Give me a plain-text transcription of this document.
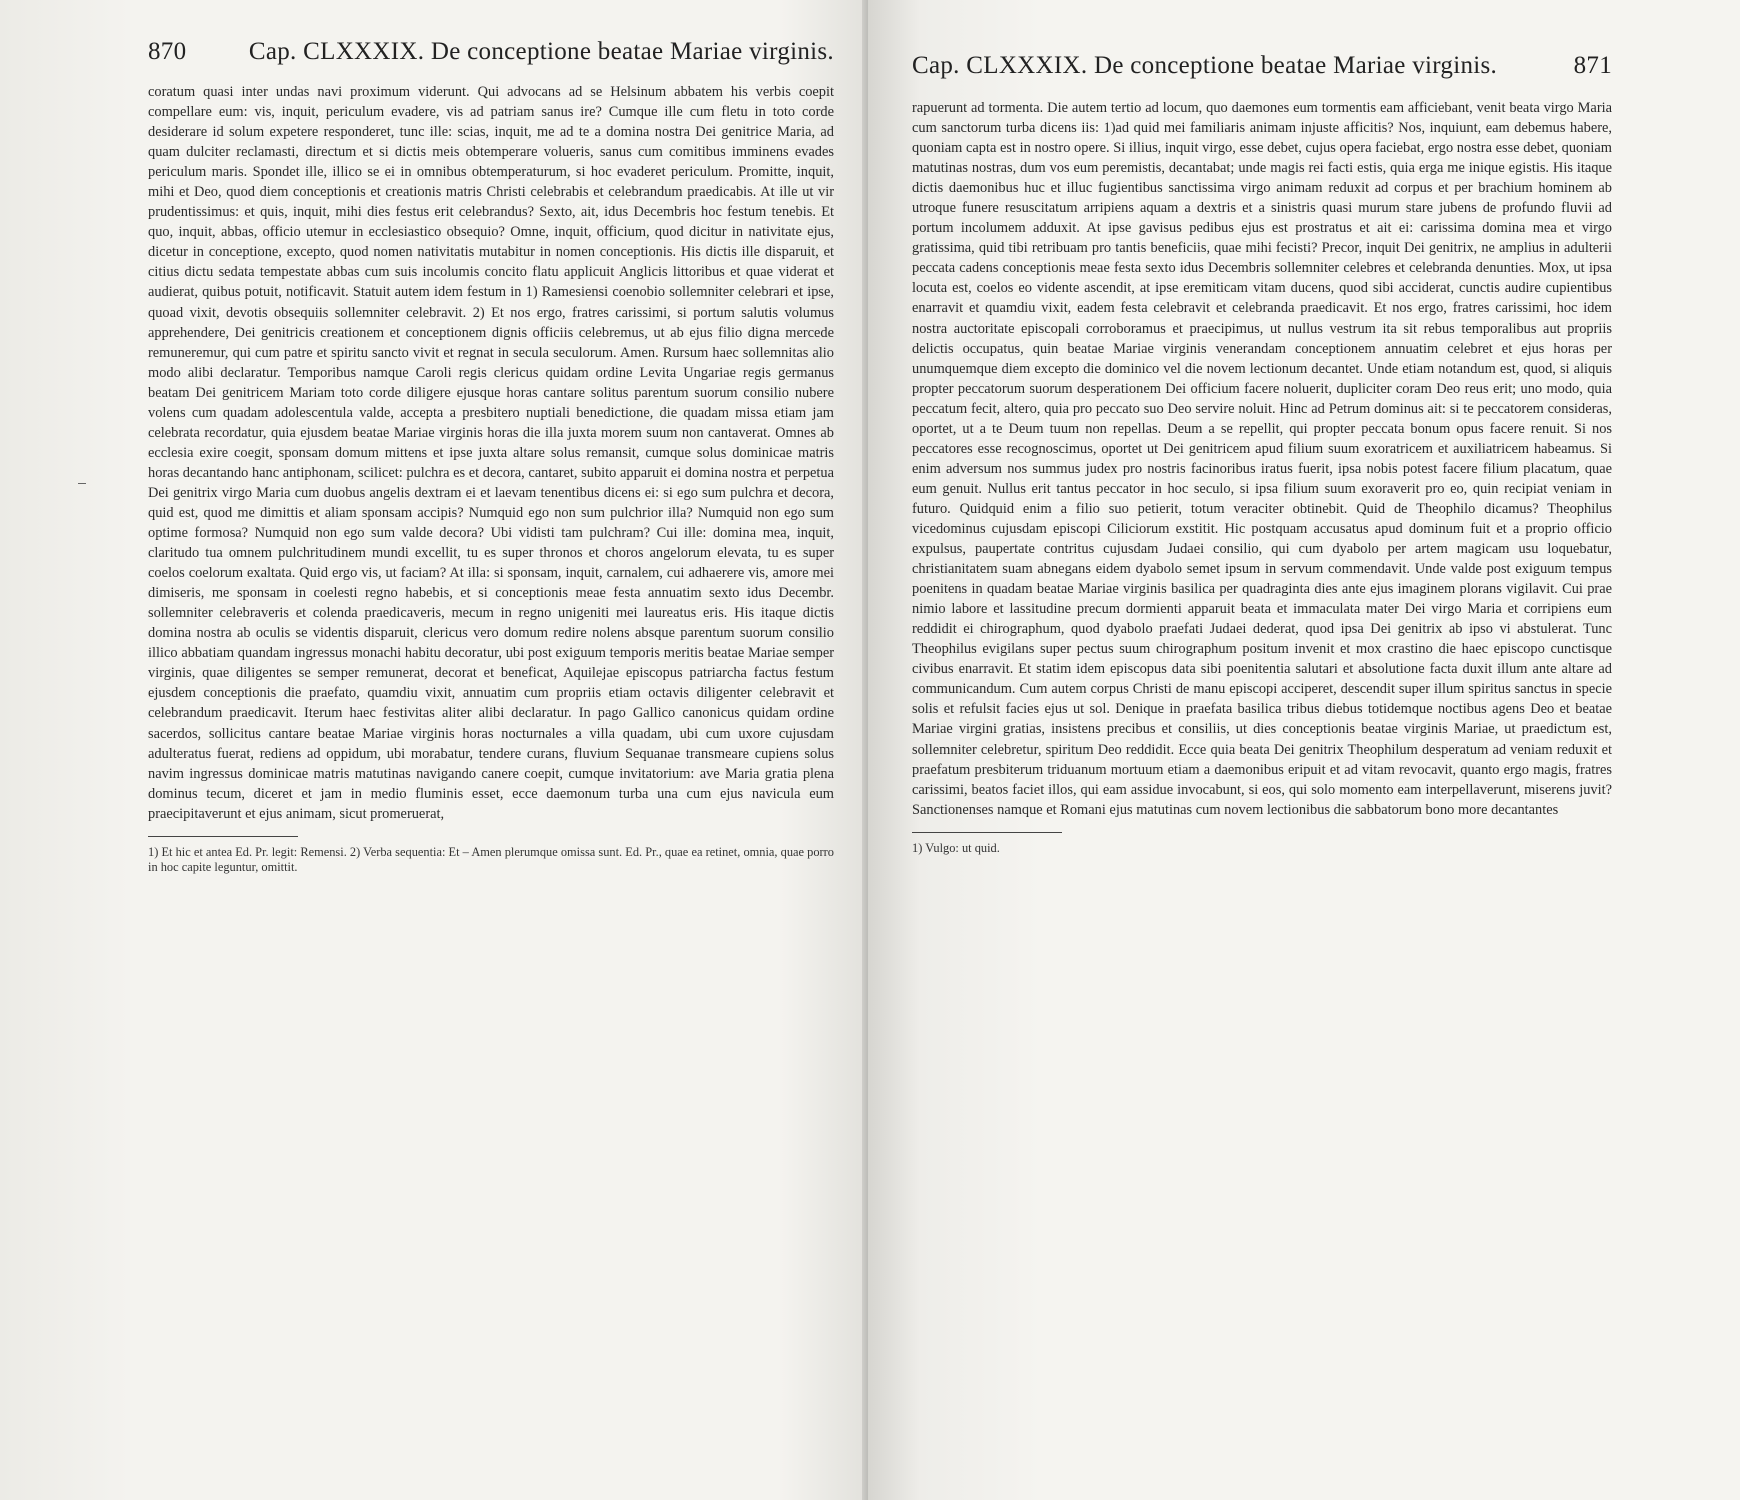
870 Cap. CLXXXIX. De conceptione beatae Mariae virginis.

coratum quasi inter undas navi proximum viderunt. Qui advocans ad se Helsinum abbatem his verbis coepit compellare eum: vis, inquit, periculum evadere, vis ad patriam sanus ire? Cumque ille cum fletu in toto corde desiderare id solum expetere responderet, tunc ille: scias, inquit, me ad te a domina nostra Dei genitrice Maria, ad quam dulciter reclamasti, directum et si dictis meis obtemperare volueris, sanus cum comitibus imminens evades periculum maris. Spondet ille, illico se ei in omnibus obtemperaturum, si hoc evaderet periculum. Promitte, inquit, mihi et Deo, quod diem conceptionis et creationis matris Christi celebrabis et celebrandum praedicabis. At ille ut vir prudentissimus: et quis, inquit, mihi dies festus erit celebrandus? Sexto, ait, idus Decembris hoc festum tenebis. Et quo, inquit, abbas, officio utemur in ecclesiastico obsequio? Omne, inquit, officium, quod dicitur in nativitate ejus, dicetur in conceptione, excepto, quod nomen nativitatis mutabitur in nomen conceptionis. His dictis ille disparuit, et citius dictu sedata tempestate abbas cum suis incolumis concito flatu applicuit Anglicis littoribus et quae viderat et audierat, quibus potuit, notificavit. Statuit autem idem festum in 1) Ramesiensi coenobio sollemniter celebrari et ipse, quoad vixit, devotis obsequiis sollemniter celebravit. 2) Et nos ergo, fratres carissimi, si portum salutis volumus apprehendere, Dei genitricis creationem et conceptionem dignis officiis celebremus, ut ab ejus filio digna mercede remuneremur, qui cum patre et spiritu sancto vivit et regnat in secula seculorum. Amen. Rursum haec sollemnitas alio modo alibi declaratur. Temporibus namque Caroli regis clericus quidam ordine Levita Ungariae regis germanus beatam Dei genitricem Mariam toto corde diligere ejusque horas cantare solitus parentum suorum consilio nubere volens cum quadam adolescentula valde, accepta a presbitero nuptiali benedictione, die quadam missa etiam jam celebrata recordatur, quia ejusdem beatae Mariae virginis horas die illa juxta morem suum non cantaverat. Omnes ab ecclesia exire coegit, sponsam domum mittens et ipse juxta altare solus remansit, cumque solus dominicae matris horas decantando hanc antiphonam, scilicet: pulchra es et decora, cantaret, subito apparuit ei domina nostra et perpetua Dei genitrix virgo Maria cum duobus angelis dextram ei et laevam tenentibus dicens ei: si ego sum pulchra et decora, quid est, quod me dimittis et aliam sponsam accipis? Numquid ego non sum pulchrior illa? Numquid non ego sum optime formosa? Numquid non ego sum valde decora? Ubi vidisti tam pulchram? Cui ille: domina mea, inquit, claritudo tua omnem pulchritudinem mundi excellit, tu es super thronos et choros angelorum elevata, tu es super coelos coelorum exaltata. Quid ergo vis, ut faciam? At illa: si sponsam, inquit, carnalem, cui adhaerere vis, amore mei dimiseris, me sponsam in coelesti regno habebis, et si conceptionis meae festa annuatim sexto idus Decembr. sollemniter celebraveris et colenda praedicaveris, mecum in regno unigeniti mei laureatus eris. His itaque dictis domina nostra ab oculis se videntis disparuit, clericus vero domum redire nolens absque parentum suorum consilio illico abbatiam quandam ingressus monachi habitu decoratur, ubi post exiguum temporis meritis beatae Mariae semper virginis, quae diligentes se semper remunerat, decorat et beneficat, Aquilejae episcopus patriarcha factus festum ejusdem conceptionis die praefato, quamdiu vixit, annuatim cum propriis etiam octavis diligenter celebravit et celebrandum praedicavit. Iterum haec festivitas aliter alibi declaratur. In pago Gallico canonicus quidam ordine sacerdos, sollicitus cantare beatae Mariae virginis horas nocturnales a villa quadam, ubi cum uxore cujusdam adulteratus fuerat, rediens ad oppidum, ubi morabatur, tendere curans, fluvium Sequanae transmeare cupiens solus navim ingressus dominicae matris matutinas navigando canere coepit, cumque invitatorium: ave Maria gratia plena dominus tecum, diceret et jam in medio fluminis esset, ecce daemonum turba una cum ejus navicula eum praecipitaverunt et ejus animam, sicut promeruerat,

1) Et hic et antea Ed. Pr. legit: Remensi. 2) Verba sequentia: Et – Amen plerumque omissa sunt. Ed. Pr., quae ea retinet, omnia, quae porro in hoc capite leguntur, omittit.

Cap. CLXXXIX. De conceptione beatae Mariae virginis.	871

rapuerunt ad tormenta. Die autem tertio ad locum, quo daemones eum tormentis eam afficiebant, venit beata virgo Maria cum sanctorum turba dicens iis: 1)ad quid mei familiaris animam injuste afficitis? Nos, inquiunt, eam debemus habere, quoniam capta est in nostro opere. Si illius, inquit virgo, esse debet, cujus opera faciebat, ergo nostra esse debet, quoniam matutinas nostras, dum vos eum peremistis, decantabat; unde magis rei facti estis, quia erga me inique egistis. His itaque dictis daemonibus huc et illuc fugientibus sanctissima virgo animam reduxit ad corpus et per brachium hominem ab utroque funere resuscitatum arripiens aquam a dextris et a sinistris quasi murum stare jubens de profundo fluvii ad portum incolumem adduxit. At ipse gavisus pedibus ejus est prostratus et ait ei: carissima domina mea et virgo gratissima, quid tibi retribuam pro tantis beneficiis, quae mihi fecisti? Precor, inquit Dei genitrix, ne amplius in adulterii peccata cadens conceptionis meae festa sexto idus Decembris sollemniter celebres et celebranda denunties. Mox, ut ipsa locuta est, coelos eo vidente ascendit, at ipse eremiticam vitam ducens, quod sibi acciderat, cunctis audire cupientibus enarravit et quamdiu vixit, eadem festa celebravit et celebranda praedicavit. Et nos ergo, fratres carissimi, hoc idem nostra auctoritate episcopali corroboramus et praecipimus, ut nullus vestrum ita sit rebus temporalibus aut propriis delictis occupatus, quin beatae Mariae virginis venerandam conceptionem annuatim celebret et ejus horas per unumquemque diem excepto die dominico vel die novem lectionum decantet. Unde etiam notandum est, quod, si aliquis propter peccatorum suorum desperationem Dei officium facere noluerit, dupliciter coram Deo reus erit; uno modo, quia peccatum fecit, altero, quia pro peccato suo Deo servire noluit. Hinc ad Petrum dominus ait: si te peccatorem consideras, oportet, ut a te Deum tuum non repellas. Deum a se repellit, qui propter peccata bonum opus facere renuit. Si nos peccatores esse recognoscimus, oportet ut Dei genitricem apud filium suum exoratricem et auxiliatricem habeamus. Si enim adversum nos summus judex pro nostris facinoribus iratus fuerit, ipsa nobis potest facere filium placatum, quae eum genuit. Nullus erit tantus peccator in hoc seculo, si ipsa filium suum exoraverit pro eo, quin recipiat veniam in futuro. Quidquid enim a filio suo petierit, totum veraciter obtinebit. Quid de Theophilo dicamus? Theophilus vicedominus cujusdam episcopi Ciliciorum exstitit. Hic postquam accusatus apud dominum fuit et a proprio officio expulsus, paupertate contritus cujusdam Judaei consilio, qui cum dyabolo per artem magicam usu loquebatur, christianitatem suam abnegans eidem dyabolo semet ipsum in servum commendavit. Unde valde post exiguum tempus poenitens in quadam beatae Mariae virginis basilica per quadraginta dies ante ejus imaginem plorans vigilavit. Cui prae nimio labore et lassitudine precum dormienti apparuit beata et immaculata mater Dei virgo Maria et corripiens eum reddidit ei chirographum, quod dyabolo praefati Judaei dederat, quod ipsa Dei genitrix ab ipso vi abstulerat. Tunc Theophilus evigilans super pectus suum chirographum positum invenit et mox crastino die haec episcopo cunctisque civibus enarravit. Et statim idem episcopus data sibi poenitentia salutari et absolutione facta duxit illum ante altare ad communicandum. Cum autem corpus Christi de manu episcopi acciperet, descendit super illum spiritus sanctus in specie solis et refulsit facies ejus ut sol. Denique in praefata basilica tribus diebus totidemque noctibus agens Deo et beatae Mariae virgini gratias, insistens precibus et consiliis, ut dies conceptionis beatae virginis Mariae, ut praedictum est, sollemniter celebretur, spiritum Deo reddidit. Ecce quia beata Dei genitrix Theophilum desperatum ad veniam reduxit et praefatum presbiterum triduanum mortuum etiam a daemonibus eripuit et ad vitam revocavit, quanto ergo magis, fratres carissimi, beatos faciet illos, qui eam assidue invocabunt, si eos, qui solo momento eam interpellaverunt, miserens juvit? Sanctionenses namque et Romani ejus matutinas cum novem lectionibus die sabbatorum bono more decantantes

1) Vulgo: ut quid.
